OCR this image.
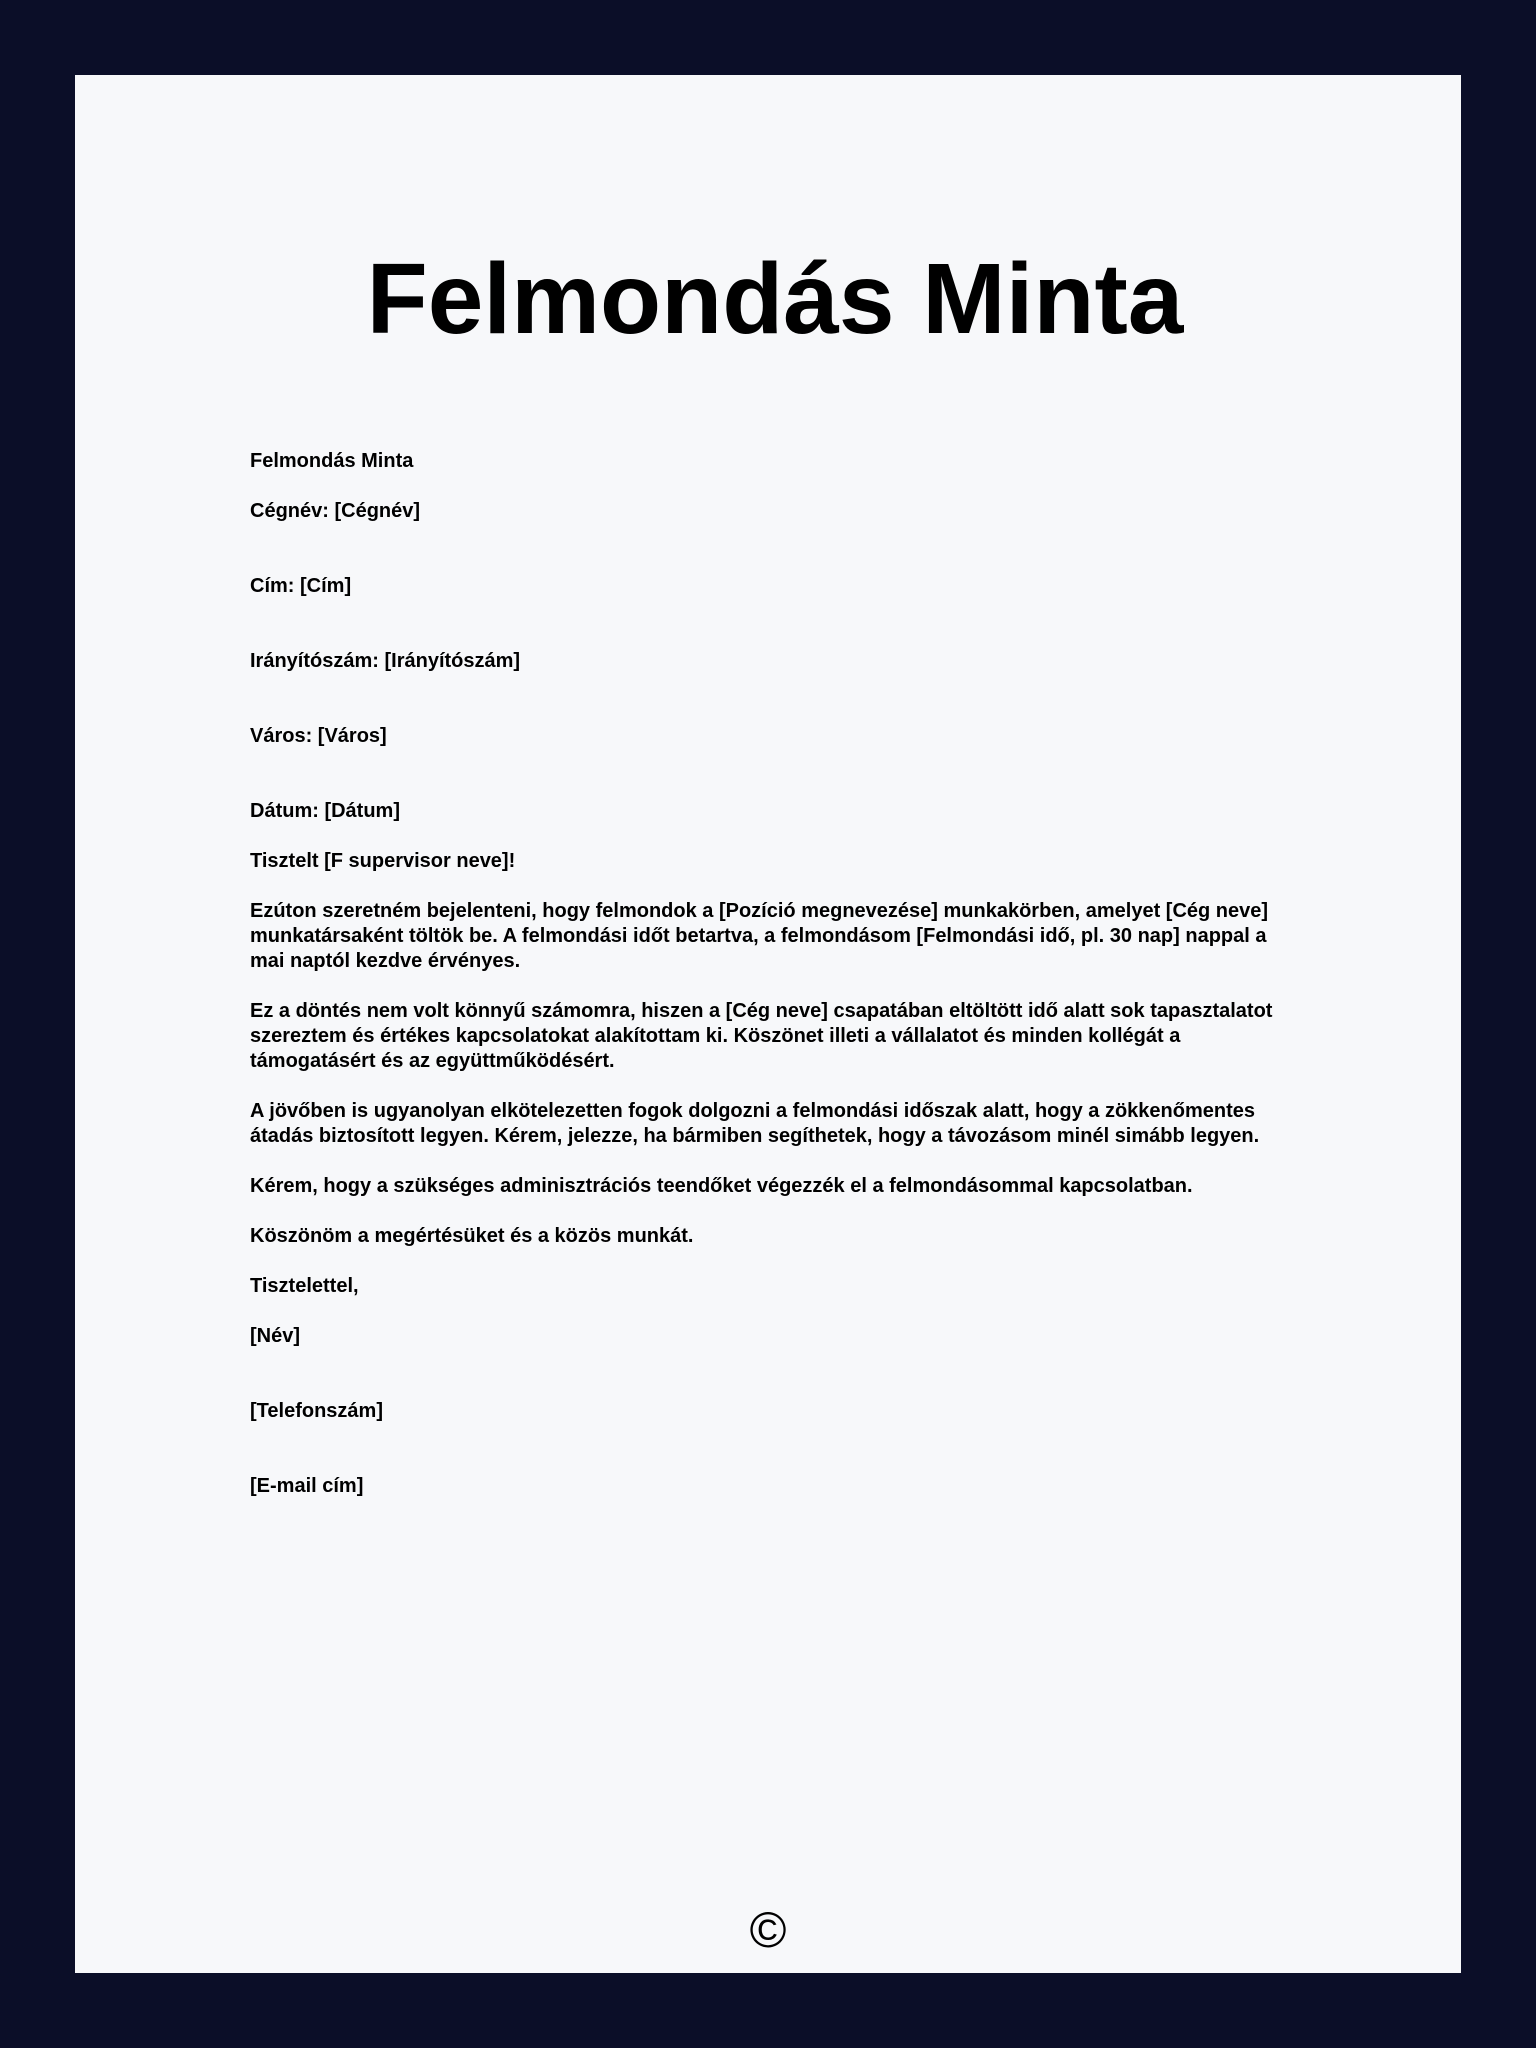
Felmondás Minta

Felmondás Minta

Cégnév: [Cégnév]

Cím: [Cím]

Irányítószám: [Irányítószám]

Város: [Város]

Dátum: [Dátum]

Tisztelt [F supervisor neve]!

Ezúton szeretném bejelenteni, hogy felmondok a [Pozíció megnevezése] munkakörben, amelyet [Cég neve] munkatársaként töltök be. A felmondási időt betartva, a felmondásom [Felmondási idő, pl. 30 nap] nappal a mai naptól kezdve érvényes.

Ez a döntés nem volt könnyű számomra, hiszen a [Cég neve] csapatában eltöltött idő alatt sok tapasztalatot szereztem és értékes kapcsolatokat alakítottam ki. Köszönet illeti a vállalatot és minden kollégát a támogatásért és az együttműködésért.

A jövőben is ugyanolyan elkötelezetten fogok dolgozni a felmondási időszak alatt, hogy a zökkenőmentes átadás biztosított legyen. Kérem, jelezze, ha bármiben segíthetek, hogy a távozásom minél simább legyen.

Kérem, hogy a szükséges adminisztrációs teendőket végezzék el a felmondásommal kapcsolatban.

Köszönöm a megértésüket és a közös munkát.

Tisztelettel,

[Név]

[Telefonszám]

[E-mail cím]

©
